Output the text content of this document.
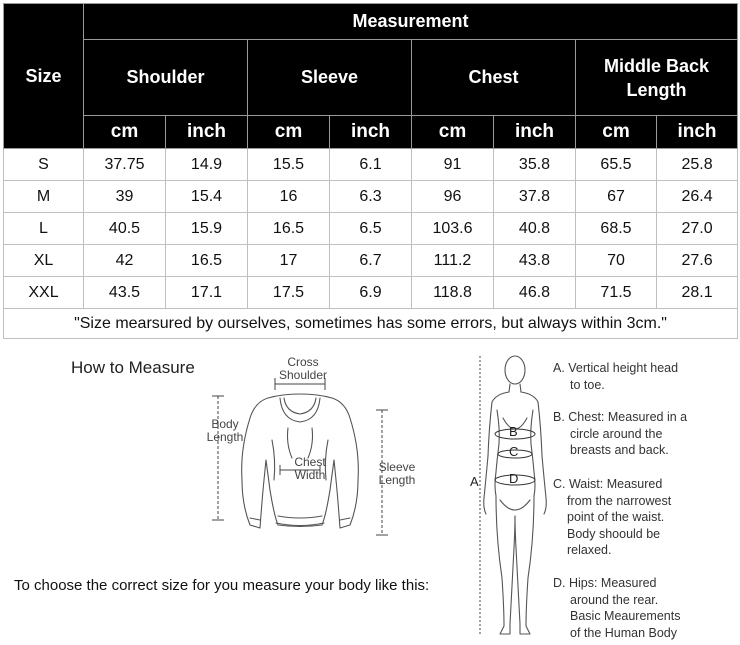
Size	Measurement							
	Shoulder		Sleeve		Chest		Middle Back Length	
	cm	inch	cm	inch	cm	inch	cm	inch
S	37.75	14.9	15.5	6.1	91	35.8	65.5	25.8
M	39	15.4	16	6.3	96	37.8	67	26.4
L	40.5	15.9	16.5	6.5	103.6	40.8	68.5	27.0
XL	42	16.5	17	6.7	111.2	43.8	70	27.6
XXL	43.5	17.1	17.5	6.9	118.8	46.8	71.5	28.1
"Size mearsured by ourselves, sometimes has some errors, but always within 3cm."								
How to Measure	Cross
Shoulder
Body
Length
Chest
Width
Sleeve
Length
To choose the correct size for you measure your body like this:
A
B
C
D
A. Vertical height head
to toe.
B. Chest: Measured in a
circle around the
breasts and back.
C. Waist: Measured
from the narrowest
point of the waist.
Body shoould be
relaxed.
D. Hips: Measured
around the rear.
Basic Meaurements
of the Human Body
